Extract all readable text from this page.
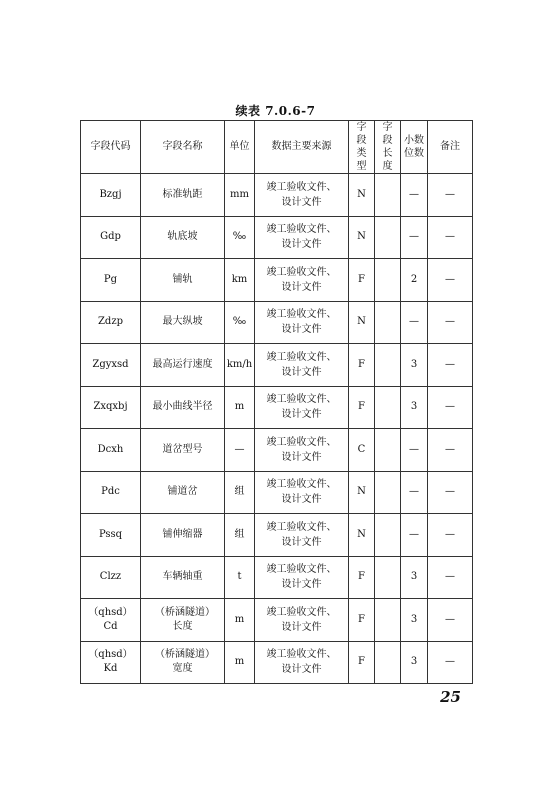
续表 7.0.6-7
字段代码	字段名称	单位	数据主要来源	字段类型	字段长度	小数位数	备注
Bzgj	标准轨距	mm	竣工验收文件、设计文件	N		—	—
Gdp	轨底坡	‰	竣工验收文件、设计文件	N		—	—
Pg	铺轨	km	竣工验收文件、设计文件	F		2	—
Zdzp	最大纵坡	‰	竣工验收文件、设计文件	N		—	—
Zgyxsd	最高运行速度	km/h	竣工验收文件、设计文件	F		3	—
Zxqxbj	最小曲线半径	m	竣工验收文件、设计文件	F		3	—
Dcxh	道岔型号	—	竣工验收文件、设计文件	C		—	—
Pdc	铺道岔	组	竣工验收文件、设计文件	N		—	—
Pssq	铺伸缩器	组	竣工验收文件、设计文件	N		—	—
Clzz	车辆轴重	t	竣工验收文件、设计文件	F		3	—
（qhsd）Cd	（桥涵隧道）长度	m	竣工验收文件、设计文件	F		3	—
（qhsd）Kd	（桥涵隧道）宽度	m	竣工验收文件、设计文件	F		3	—
25
